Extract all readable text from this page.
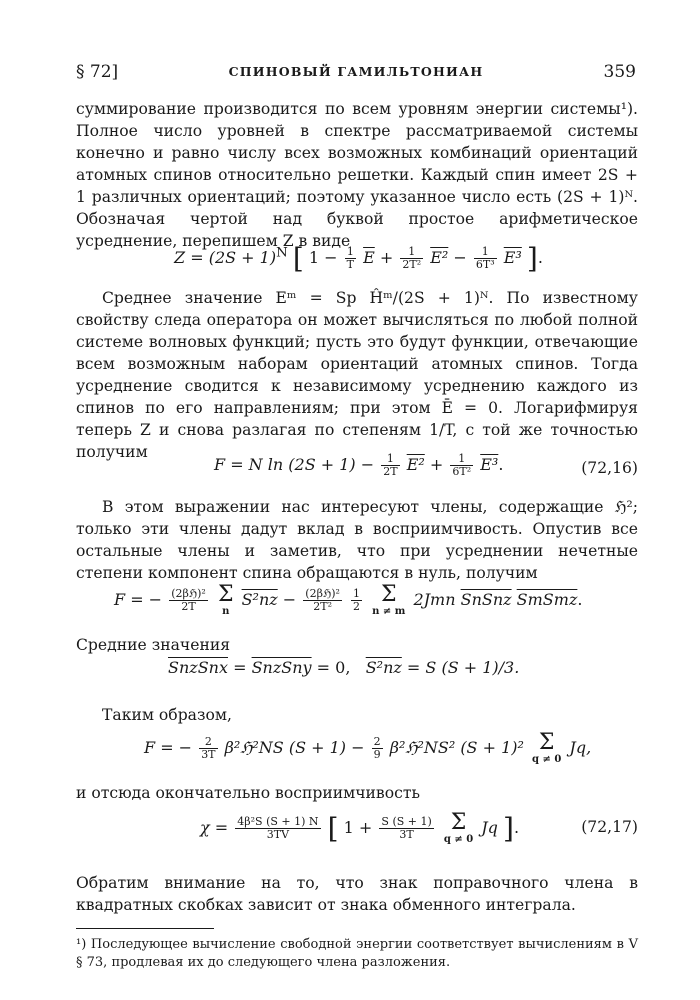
§ 72]	СПИНОВЫЙ ГАМИЛЬТОНИАН	359

суммирование производится по всем уровням энергии системы¹). Полное число уровней в спектре рассматриваемой системы конечно и равно числу всех возможных комбинаций ориентаций атомных спинов относительно решетки. Каждый спин имеет 2S + 1 различных ориентаций; поэтому указанное число есть (2S + 1)ᴺ. Обозначая чертой над буквой простое арифметическое усреднение, перепишем Z в виде

$Z = (2S + 1)^N$ [ $1 - \frac{1}{T} \overline{E} + \frac{1}{\text{2T²}} E^2 - \frac{1}{\text{6T³}} E^3$ ].

Среднее значение Eᵐ = Sp Ĥᵐ/(2S + 1)ᴺ. По известному свойству следа оператора он может вычисляться по любой полной системе волновых функций; пусть это будут функции, отвечающие всем возможным наборам ориентаций атомных спинов. Тогда усреднение сводится к независимому усреднению каждого из спинов по его направлениям; при этом Ē = 0. Логарифмируя теперь Z и снова разлагая по степеням 1/T, с той же точностью получим

F = N $\ln (2S + 1) - \frac{1}{2T} E^2 + \frac{1}{\text{6T²}} E^3$.	(72,16)

В этом выражении нас интересуют члены, содержащие ℌ²; только эти члены дадут вклад в восприимчивость. Опустив все остальные члены и заметив, что при усреднении нечетные степени компонент спина обращаются в нуль, получим

F = − $\frac{\text{(2βℌ)²}}{2T}$ Σ
n
$S^2nz - \frac{\text{(2βℌ)²}}{\text{2T²}}$
$\frac{1}{2}$ Σ
n ≠ m
2Jmn SnSnz SmSmz.

Средние значения

SnzSnx = SnzSny = 0, S²nz = S (S + 1)/3.

Таким образом,

F = − $\frac{2}{3T}$ β²ℌ²NS $(S + 1) - \frac{2}{9}$ β²ℌ²NS² (S + 1)² Σ
q ≠ 0
Jq,

и отсюда окончательно восприимчивость

$\chi = \frac{\text{4β²S (S + 1) N}}{3TV}$ [ $1 + \frac{S (S + 1)}{3T}$ Σ
q ≠ 0
Jq ].	(72,17)

Обратим внимание на то, что знак поправочного члена в квадратных скобках зависит от знака обменного интеграла.

¹) Последующее вычисление свободной энергии соответствует вычислениям в V § 73, продлевая их до следующего члена разложения.
